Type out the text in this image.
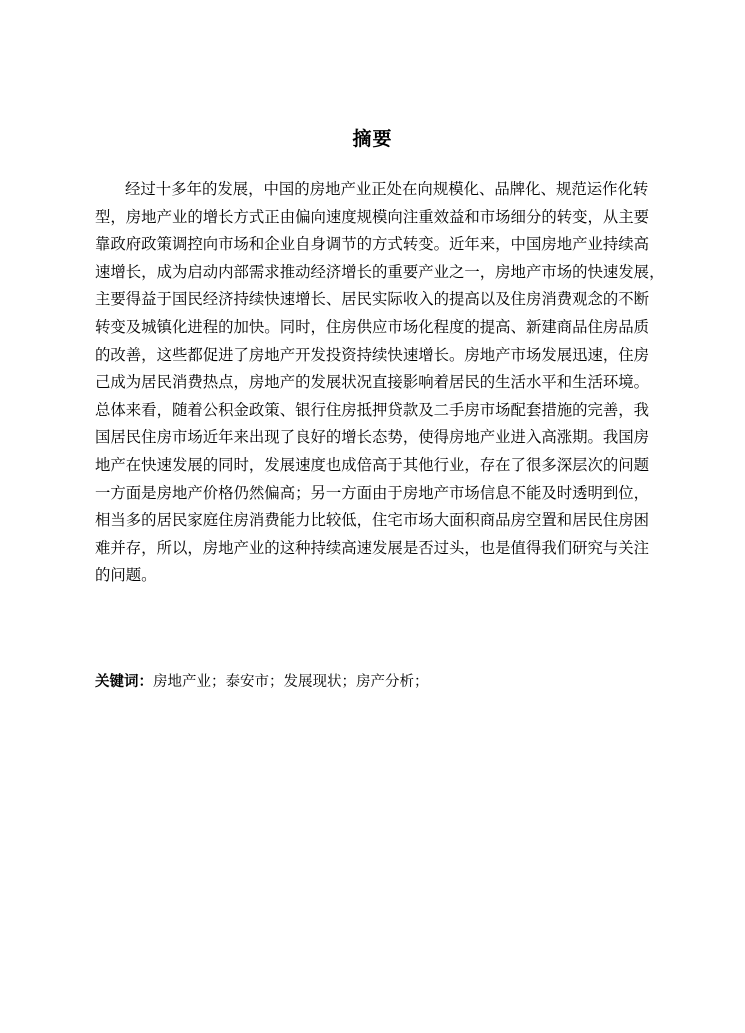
摘要
经过十多年的发展，中国的房地产业正处在向规模化、品牌化、规范运作化转
型，房地产业的增长方式正由偏向速度规模向注重效益和市场细分的转变，从主要
靠政府政策调控向市场和企业自身调节的方式转变。近年来，中国房地产业持续高
速增长，成为启动内部需求推动经济增长的重要产业之一，房地产市场的快速发展，
主要得益于国民经济持续快速增长、居民实际收入的提高以及住房消费观念的不断
转变及城镇化进程的加快。同时，住房供应市场化程度的提高、新建商品住房品质
的改善，这些都促进了房地产开发投资持续快速增长。房地产市场发展迅速，住房
己成为居民消费热点，房地产的发展状况直接影响着居民的生活水平和生活环境。
总体来看，随着公积金政策、银行住房抵押贷款及二手房市场配套措施的完善，我
国居民住房市场近年来出现了良好的增长态势，使得房地产业进入高涨期。我国房
地产在快速发展的同时，发展速度也成倍高于其他行业，存在了很多深层次的问题
一方面是房地产价格仍然偏高；另一方面由于房地产市场信息不能及时透明到位，
相当多的居民家庭住房消费能力比较低，住宅市场大面积商品房空置和居民住房困
难并存，所以，房地产业的这种持续高速发展是否过头，也是值得我们研究与关注
的问题。
关键词：房地产业；泰安市；发展现状；房产分析；
